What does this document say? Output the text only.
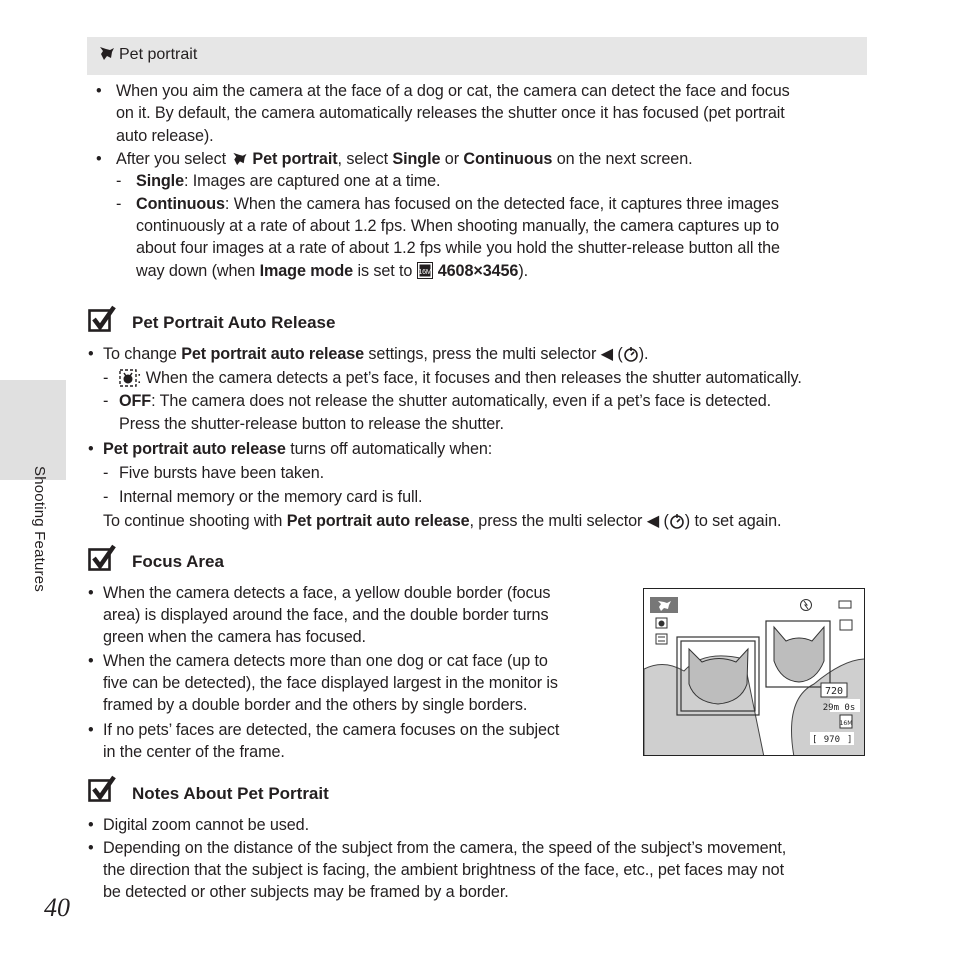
Shooting Features
40
Pet portrait
• When you aim the camera at the face of a dog or cat, the camera can detect the face and focus
on it. By default, the camera automatically releases the shutter once it has focused (pet portrait
auto release).
• After you select Pet portrait, select Single or Continuous on the next screen.
- Single: Images are captured one at a time.
- Continuous: When the camera has focused on the detected face, it captures three images
continuously at a rate of about 1.2 fps. When shooting manually, the camera captures up to
about four images at a rate of about 1.2 fps while you hold the shutter-release button all the
way down (when Image mode is set to 16M 4608×3456).
Pet Portrait Auto Release
• To change Pet portrait auto release settings, press the multi selector ◀ ( ).
-	: When the camera detects a pet’s face, it focuses and then releases the shutter automatically.
- OFF: The camera does not release the shutter automatically, even if a pet’s face is detected.
Press the shutter-release button to release the shutter.
• Pet portrait auto release turns off automatically when:
- Five bursts have been taken.
- Internal memory or the memory card is full.
To continue shooting with Pet portrait auto release, press the multi selector ◀ ( ) to set again.
Focus Area
• When the camera detects a face, a yellow double border (focus
area) is displayed around the face, and the double border turns
green when the camera has focused.
• When the camera detects more than one dog or cat face (up to
five can be detected), the face displayed largest in the monitor is
framed by a double border and the others by single borders.
• If no pets’ faces are detected, the camera focuses on the subject
in the center of the frame.
720
29m 0s
16M
[ 970 ]
Notes About Pet Portrait
• Digital zoom cannot be used.
• Depending on the distance of the subject from the camera, the speed of the subject’s movement,
the direction that the subject is facing, the ambient brightness of the face, etc., pet faces may not
be detected or other subjects may be framed by a border.
